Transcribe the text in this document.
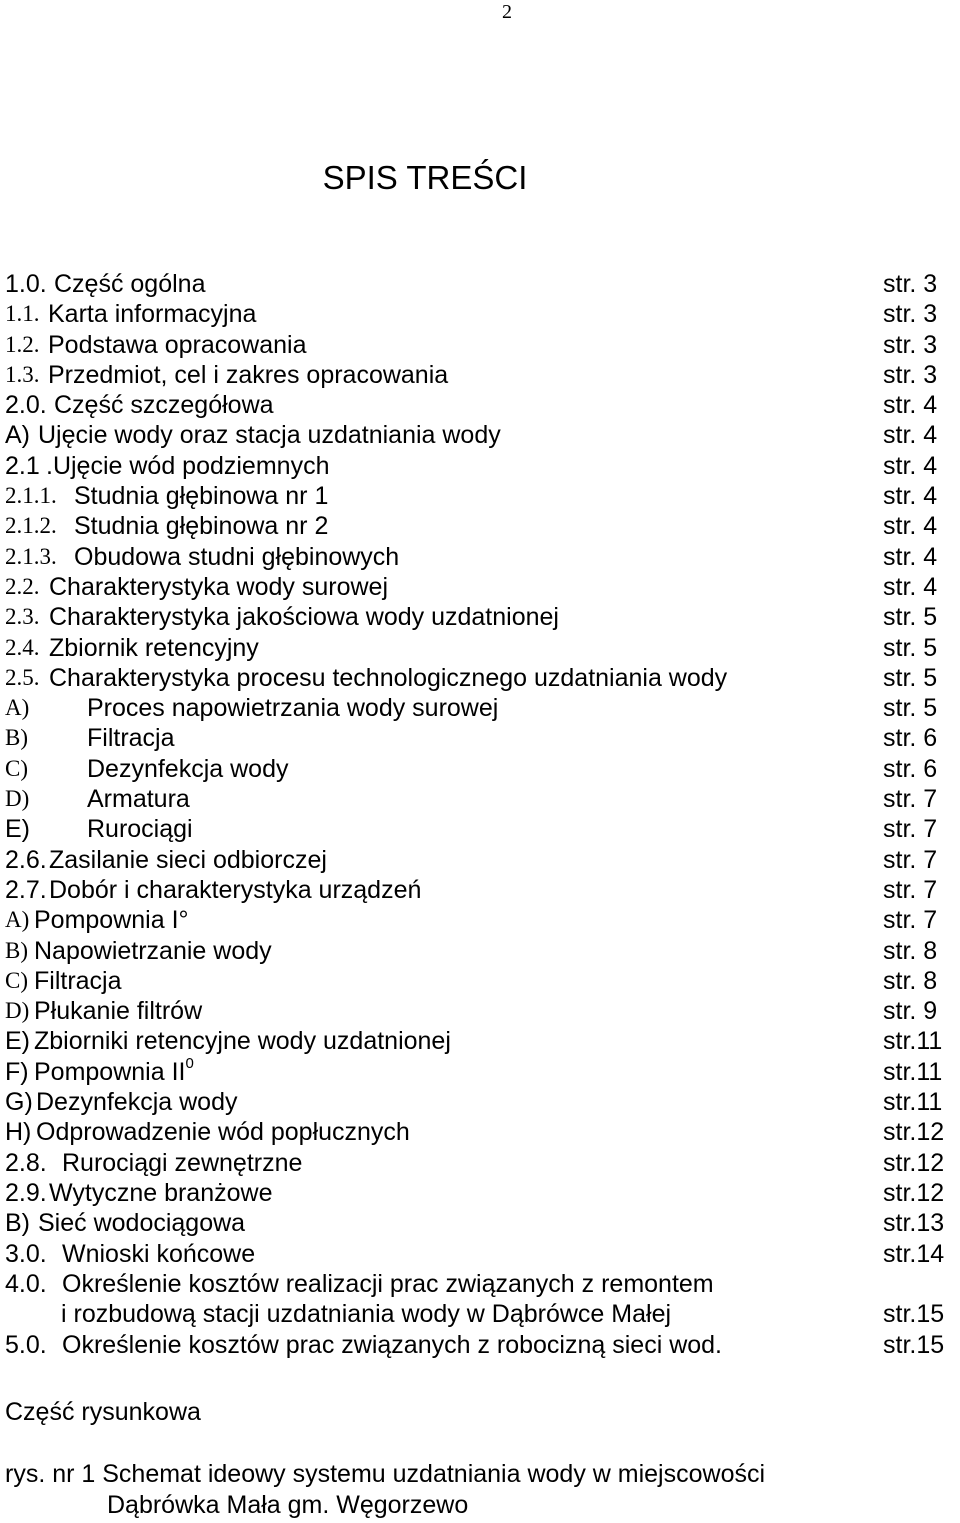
2
SPIS TREŚCI
1.0. Część ogólna	str. 3
1.1. Karta informacyjna	str. 3
1.2. Podstawa opracowania	str. 3
1.3. Przedmiot, cel i zakres opracowania	str. 3
2.0. Część szczegółowa	str. 4
A) Ujęcie wody oraz stacja uzdatniania wody	str. 4
2.1 .Ujęcie wód podziemnych	str. 4
2.1.1. Studnia głębinowa nr 1	str. 4
2.1.2. Studnia głębinowa nr 2	str. 4
2.1.3. Obudowa studni głębinowych	str. 4
2.2. Charakterystyka wody surowej	str. 4
2.3. Charakterystyka jakościowa wody uzdatnionej	str. 5
2.4. Zbiornik retencyjny	str. 5
2.5. Charakterystyka procesu technologicznego uzdatniania wody	str. 5
A) Proces napowietrzania wody surowej	str. 5
B) Filtracja	str. 6
C) Dezynfekcja wody	str. 6
D) Armatura	str. 7
E) Rurociągi	str. 7
2.6. Zasilanie sieci odbiorczej	str. 7
2.7. Dobór i charakterystyka urządzeń	str. 7
A) Pompownia I°	str. 7
B) Napowietrzanie wody	str. 8
C) Filtracja	str. 8
D) Płukanie filtrów	str. 9
E) Zbiorniki retencyjne wody uzdatnionej	str.11
F) Pompownia $II^0$	str.11
G) Dezynfekcja wody	str.11
H) Odprowadzenie wód popłucznych	str.12
2.8. Rurociągi zewnętrzne	str.12
2.9. Wytyczne branżowe	str.12
B) Sieć wodociągowa	str.13
3.0. Wnioski końcowe	str.14
4.0. Określenie kosztów realizacji prac związanych z remontem
i rozbudową stacji uzdatniania wody w Dąbrówce Małej	str.15
5.0. Określenie kosztów prac związanych z robocizną sieci wod.	str.15
Część rysunkowa
rys. nr 1 Schemat ideowy systemu uzdatniania wody w miejscowości
Dąbrówka Mała gm. Węgorzewo
